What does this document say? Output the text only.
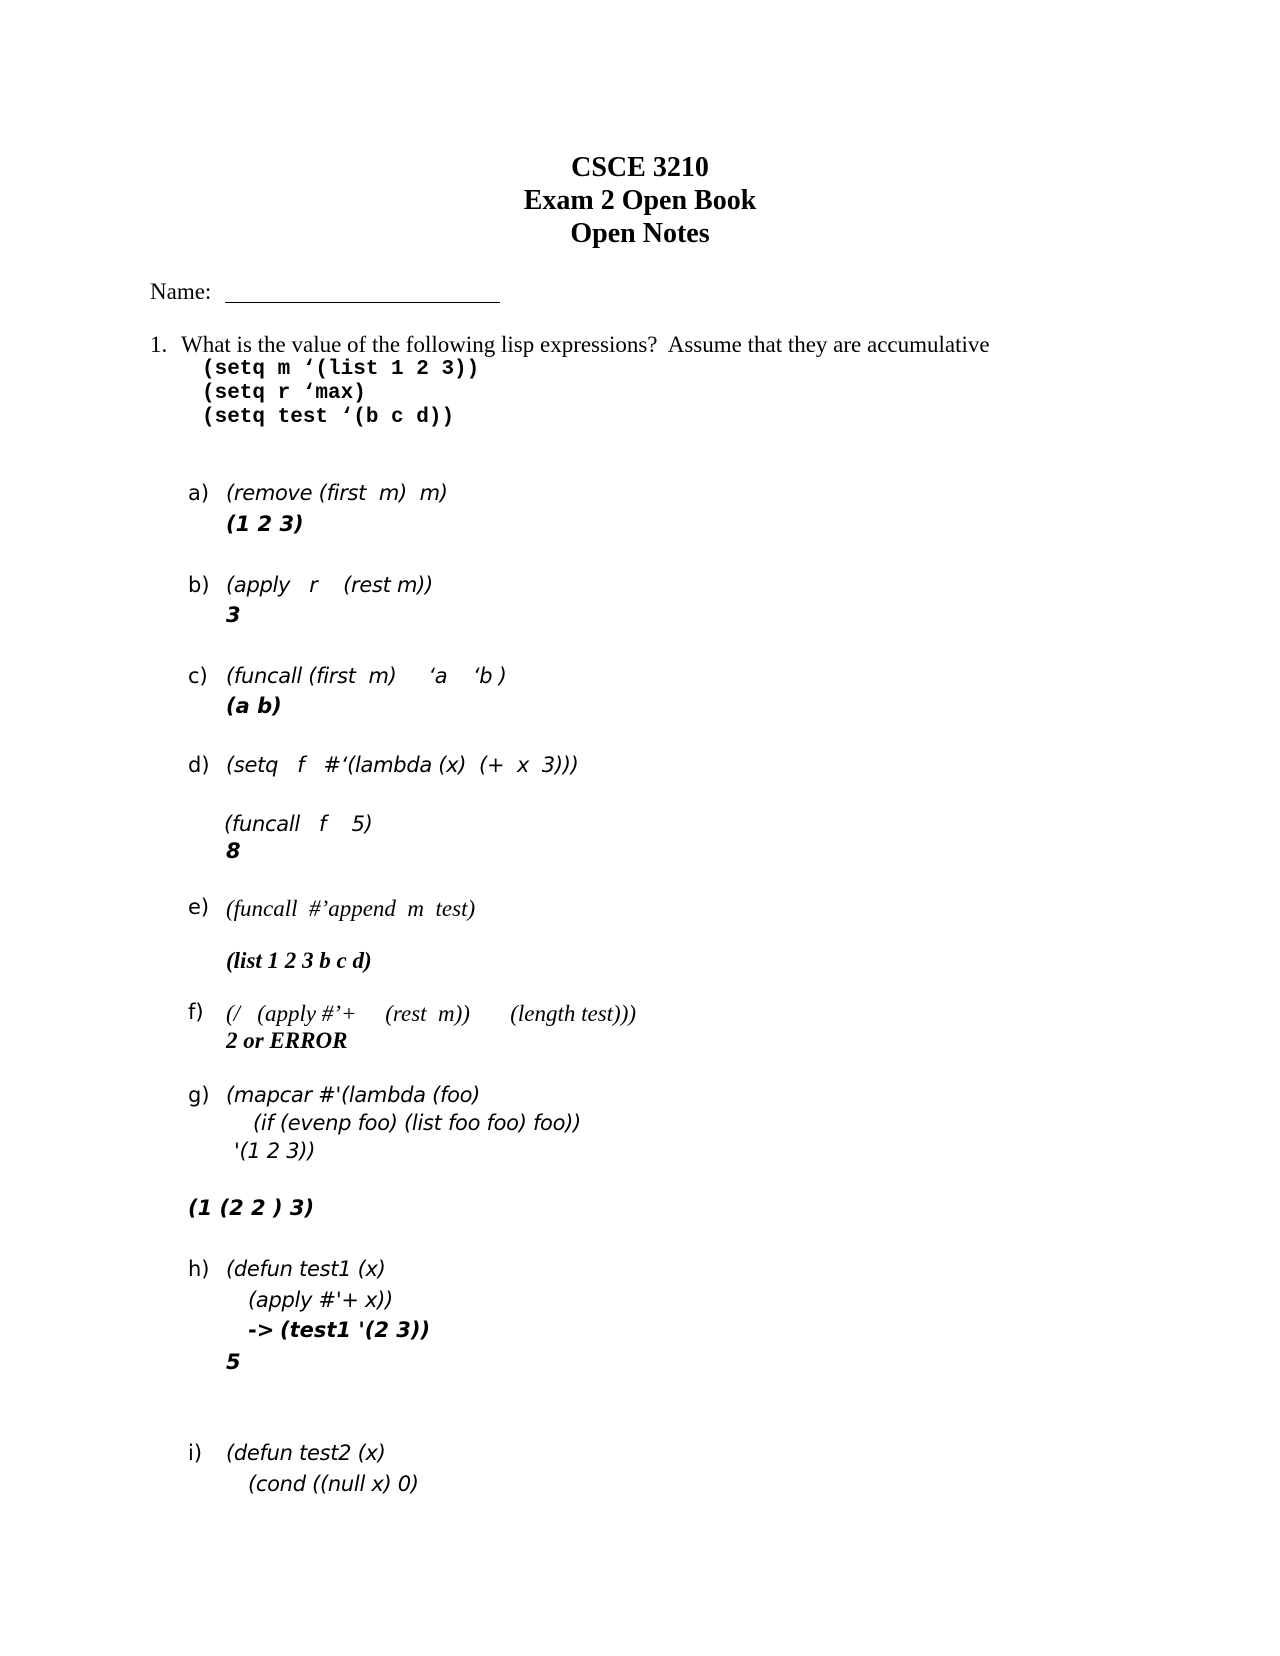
CSCE 3210
Exam 2 Open Book
Open Notes
Name:
1. What is the value of the following lisp expressions?  Assume that they are accumulative
(setq m ‘(list 1 2 3))
(setq r ‘max)
(setq test ‘(b c d))
a) (remove (first  m)  m)
(1 2 3)
b) (apply   r    (rest m))
3
c) (funcall (first  m)     ‘a    ‘b )
(a b)
d) (setq   f   #‘(lambda (x)  (+  x  3)))
(funcall   f    5)
8
e) (funcall  #’append  m  test)
(list 1 2 3 b c d)
f) (/   (apply #’+     (rest  m))       (length test)))
2 or ERROR
g) (mapcar #'(lambda (foo)
(if (evenp foo) (list foo foo) foo))
'(1 2 3))
(1 (2 2 ) 3)
h) (defun test1 (x)
(apply #'+ x))
-> (test1 '(2 3))
5
i) (defun test2 (x)
(cond ((null x) 0)
